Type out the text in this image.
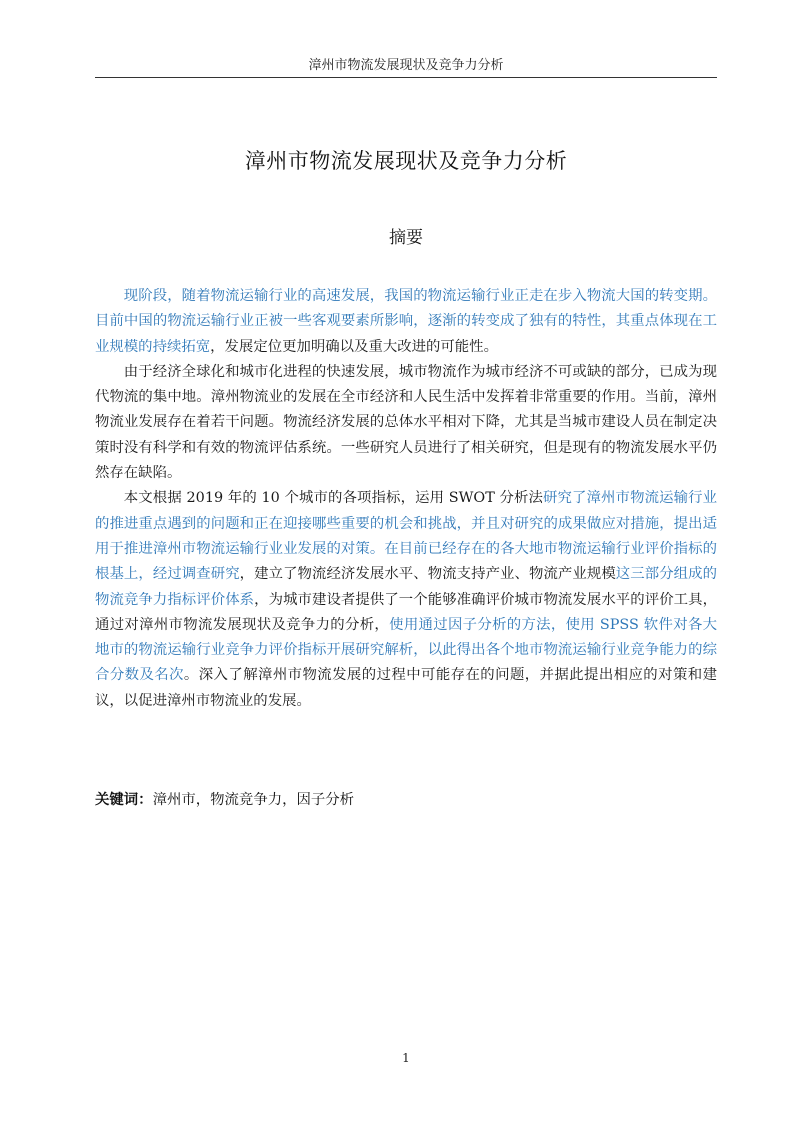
漳州市物流发展现状及竞争力分析
漳州市物流发展现状及竞争力分析
摘要

现阶段，随着物流运输行业的高速发展，我国的物流运输行业正走在步入物流大国的转变期。目前中国的物流运输行业正被一些客观要素所影响，逐渐的转变成了独有的特性，其重点体现在工业规模的持续拓宽，发展定位更加明确以及重大改进的可能性。

由于经济全球化和城市化进程的快速发展，城市物流作为城市经济不可或缺的部分，已成为现代物流的集中地。漳州物流业的发展在全市经济和人民生活中发挥着非常重要的作用。当前，漳州物流业发展存在着若干问题。物流经济发展的总体水平相对下降，尤其是当城市建设人员在制定决策时没有科学和有效的物流评估系统。一些研究人员进行了相关研究，但是现有的物流发展水平仍然存在缺陷。

本文根据 2019 年的 10 个城市的各项指标，运用 SWOT 分析法研究了漳州市物流运输行业的推进重点遇到的问题和正在迎接哪些重要的机会和挑战，并且对研究的成果做应对措施，提出适用于推进漳州市物流运输行业业发展的对策。在目前已经存在的各大地市物流运输行业评价指标的根基上，经过调查研究，建立了物流经济发展水平、物流支持产业、物流产业规模这三部分组成的物流竞争力指标评价体系，为城市建设者提供了一个能够准确评价城市物流发展水平的评价工具，通过对漳州市物流发展现状及竞争力的分析，使用通过因子分析的方法，使用 SPSS 软件对各大地市的物流运输行业竞争力评价指标开展研究解析，以此得出各个地市物流运输行业竞争能力的综合分数及名次。深入了解漳州市物流发展的过程中可能存在的问题，并据此提出相应的对策和建议，以促进漳州市物流业的发展。

关键词：漳州市，物流竞争力，因子分析
1
